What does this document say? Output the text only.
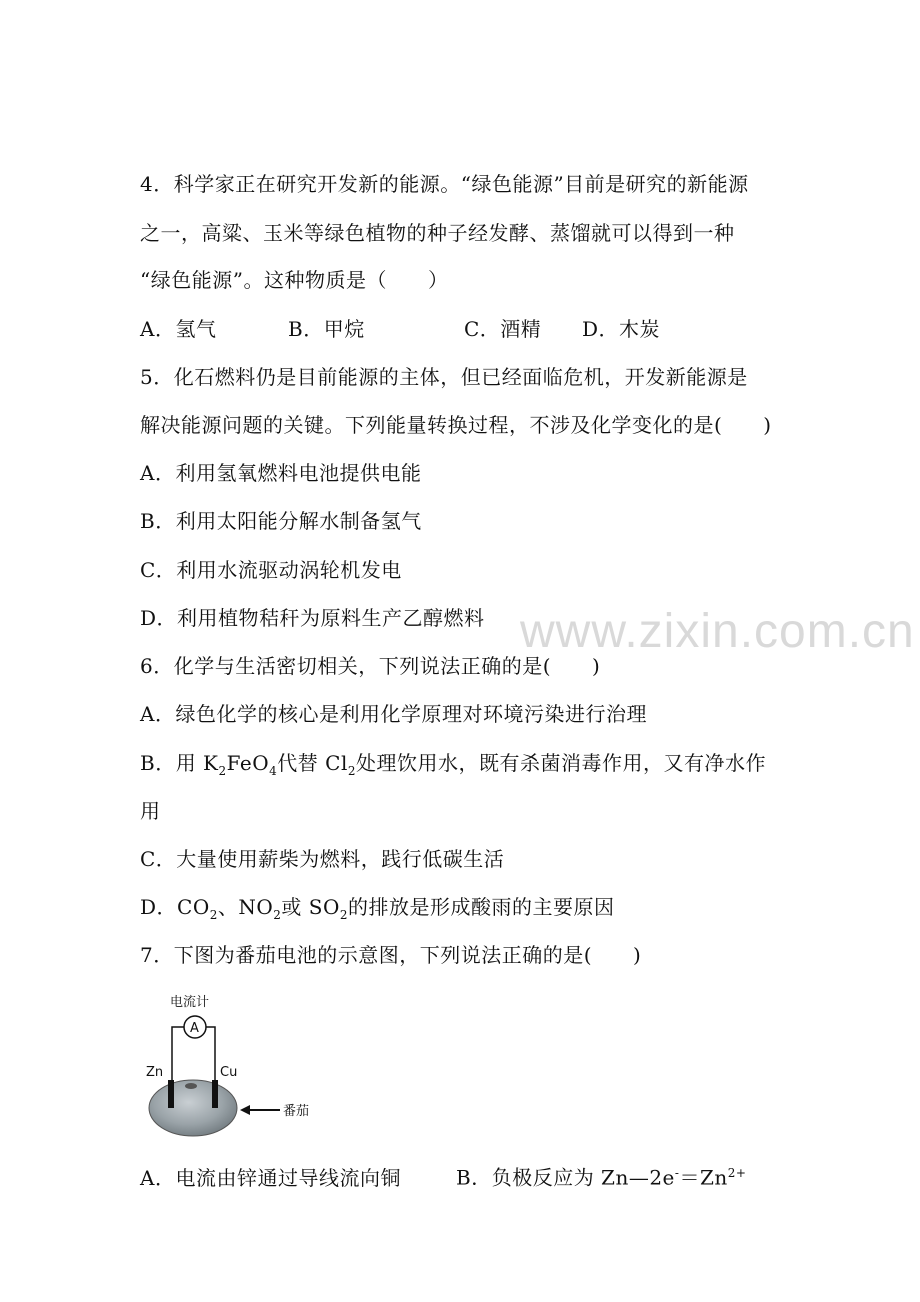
www.zixin.com.cn
4．科学家正在研究开发新的能源。“绿色能源”目前是研究的新能源
之一，高粱、玉米等绿色植物的种子经发酵、蒸馏就可以得到一种
“绿色能源”。这种物质是（　　）
A．氢气	B．甲烷	C．酒精 D．木炭
5．化石燃料仍是目前能源的主体，但已经面临危机，开发新能源是
解决能源问题的关键。下列能量转换过程，不涉及化学变化的是(　　)
A．利用氢氧燃料电池提供电能
B．利用太阳能分解水制备氢气
C．利用水流驱动涡轮机发电
D．利用植物秸秆为原料生产乙醇燃料
6．化学与生活密切相关，下列说法正确的是(　　)
A．绿色化学的核心是利用化学原理对环境污染进行治理
B．用 $K_2FeO_4$代替 $Cl_2$处理饮用水，既有杀菌消毒作用，又有净水作
用
C．大量使用薪柴为燃料，践行低碳生活
D．$CO_2$、$NO_2$或 $SO_2$的排放是形成酸雨的主要原因
7．下图为番茄电池的示意图，下列说法正确的是(　　)
电流计
A
Zn	Cu
番茄
A．电流由锌通过导线流向铜	B．负极反应为 $Zn—2e^-=Zn^{2+}$
